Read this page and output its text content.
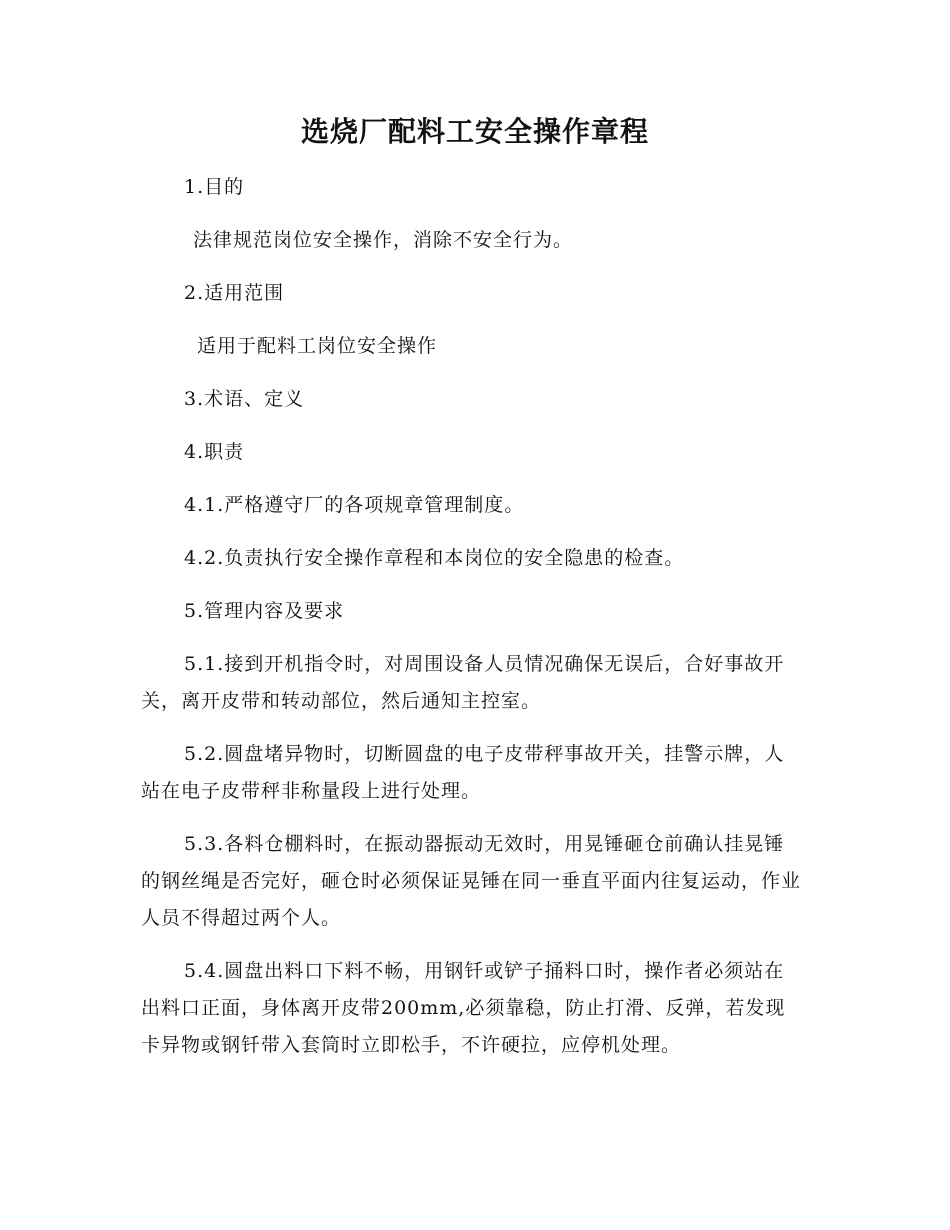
选烧厂配料工安全操作章程

1.目的

法律规范岗位安全操作，消除不安全行为。

2.适用范围

适用于配料工岗位安全操作

3.术语、定义

4.职责

4.1.严格遵守厂的各项规章管理制度。

4.2.负责执行安全操作章程和本岗位的安全隐患的检查。

5.管理内容及要求

5.1.接到开机指令时，对周围设备人员情况确保无误后，合好事故开关，离开皮带和转动部位，然后通知主控室。

5.2.圆盘堵异物时，切断圆盘的电子皮带秤事故开关，挂警示牌，人站在电子皮带秤非称量段上进行处理。

5.3.各料仓棚料时，在振动器振动无效时，用晃锤砸仓前确认挂晃锤的钢丝绳是否完好，砸仓时必须保证晃锤在同一垂直平面内往复运动，作业人员不得超过两个人。

5.4.圆盘出料口下料不畅，用钢钎或铲子捅料口时，操作者必须站在出料口正面，身体离开皮带200mm,必须靠稳，防止打滑、反弹，若发现卡异物或钢钎带入套筒时立即松手，不许硬拉，应停机处理。
